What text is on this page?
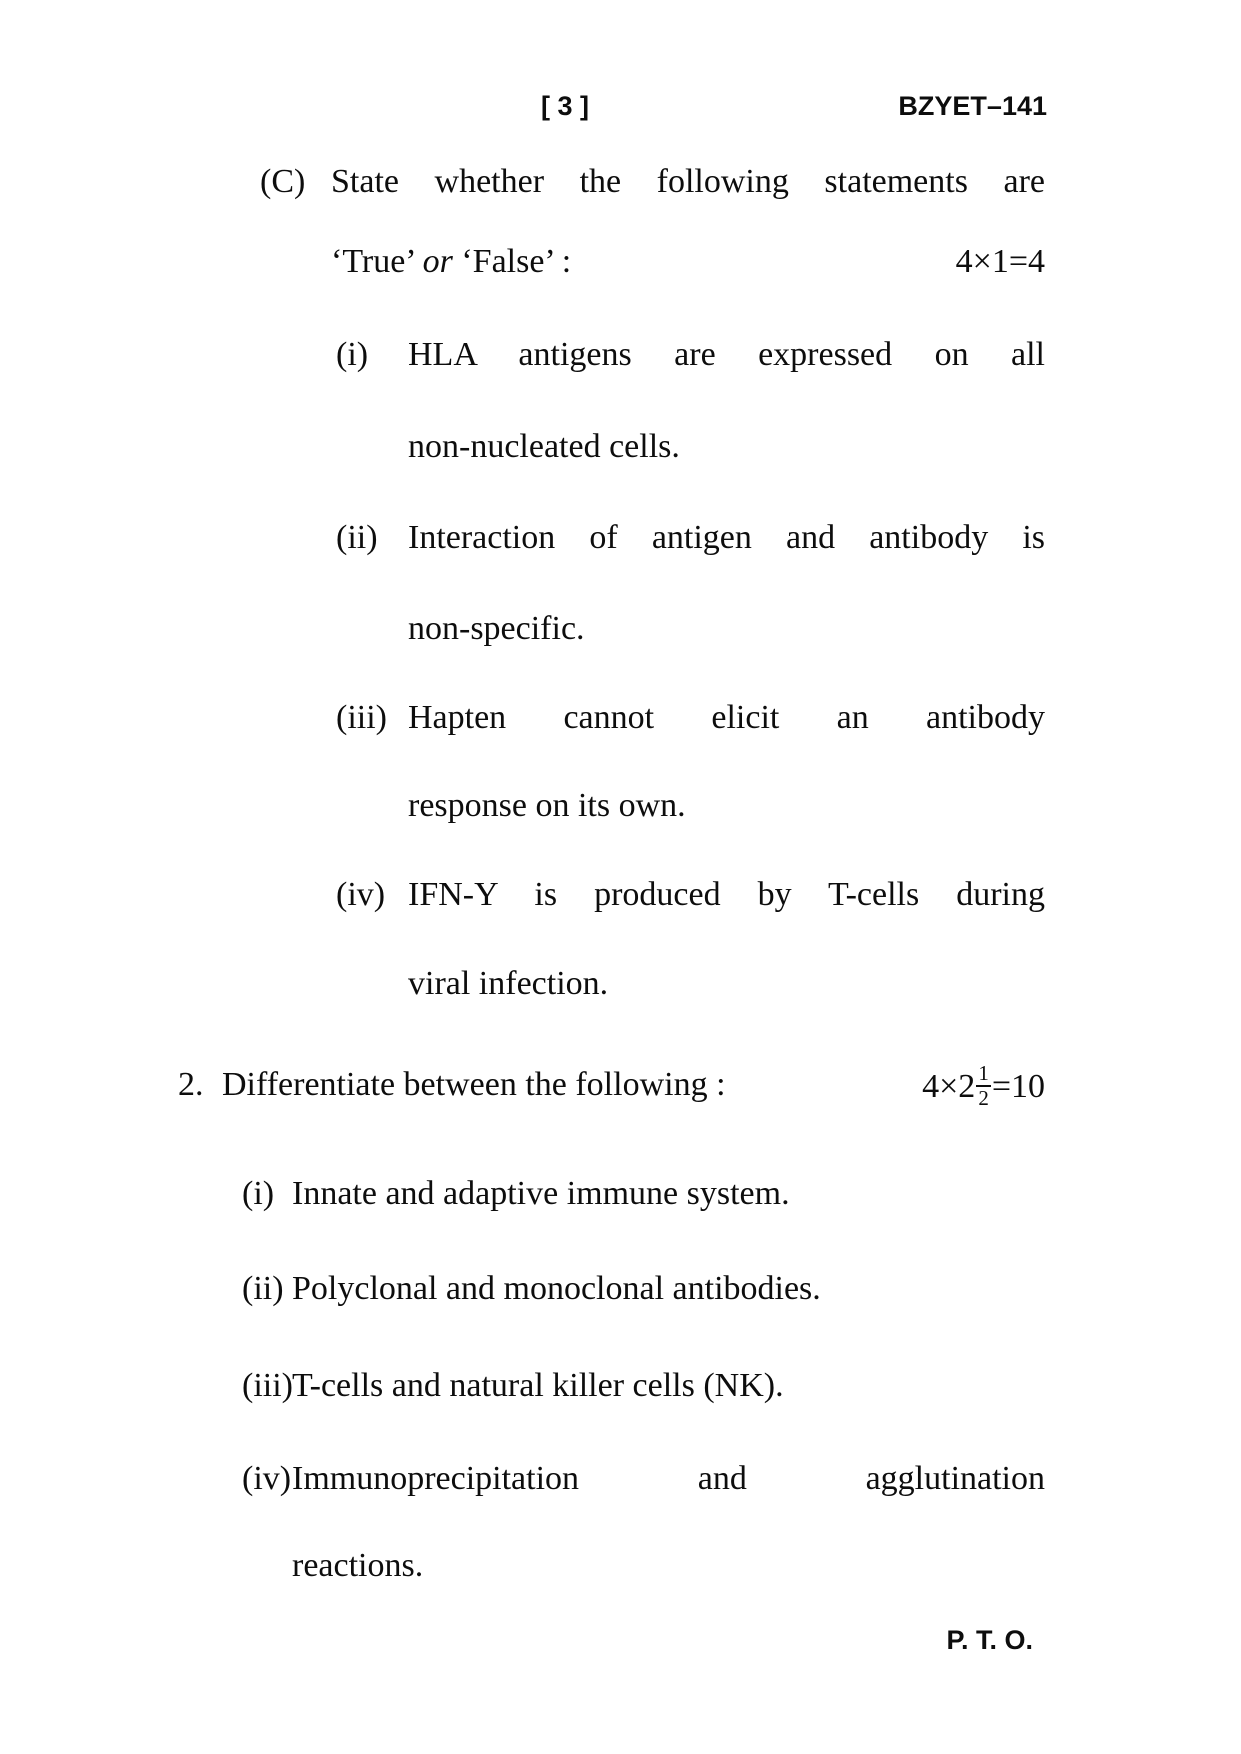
[ 3 ]	BZYET–141
(C) State whether the following statements are
‘True’ or ‘False’ :	4×1=4
(i)	HLA antigens are expressed on all
non-nucleated cells.
(ii) Interaction of antigen and antibody is
non-specific.
(iii) Hapten cannot elicit an antibody
response on its own.
(iv) IFN-Y is produced by T-cells during
viral infection.
2. Differentiate between the following :	$4\times 2 \frac{1}{2} =10$
(i) Innate and adaptive immune system.
(ii) Polyclonal and monoclonal antibodies.
(iii) T-cells and natural killer cells (NK).
(iv) Immunoprecipitation and agglutination
reactions.
P. T. O.
